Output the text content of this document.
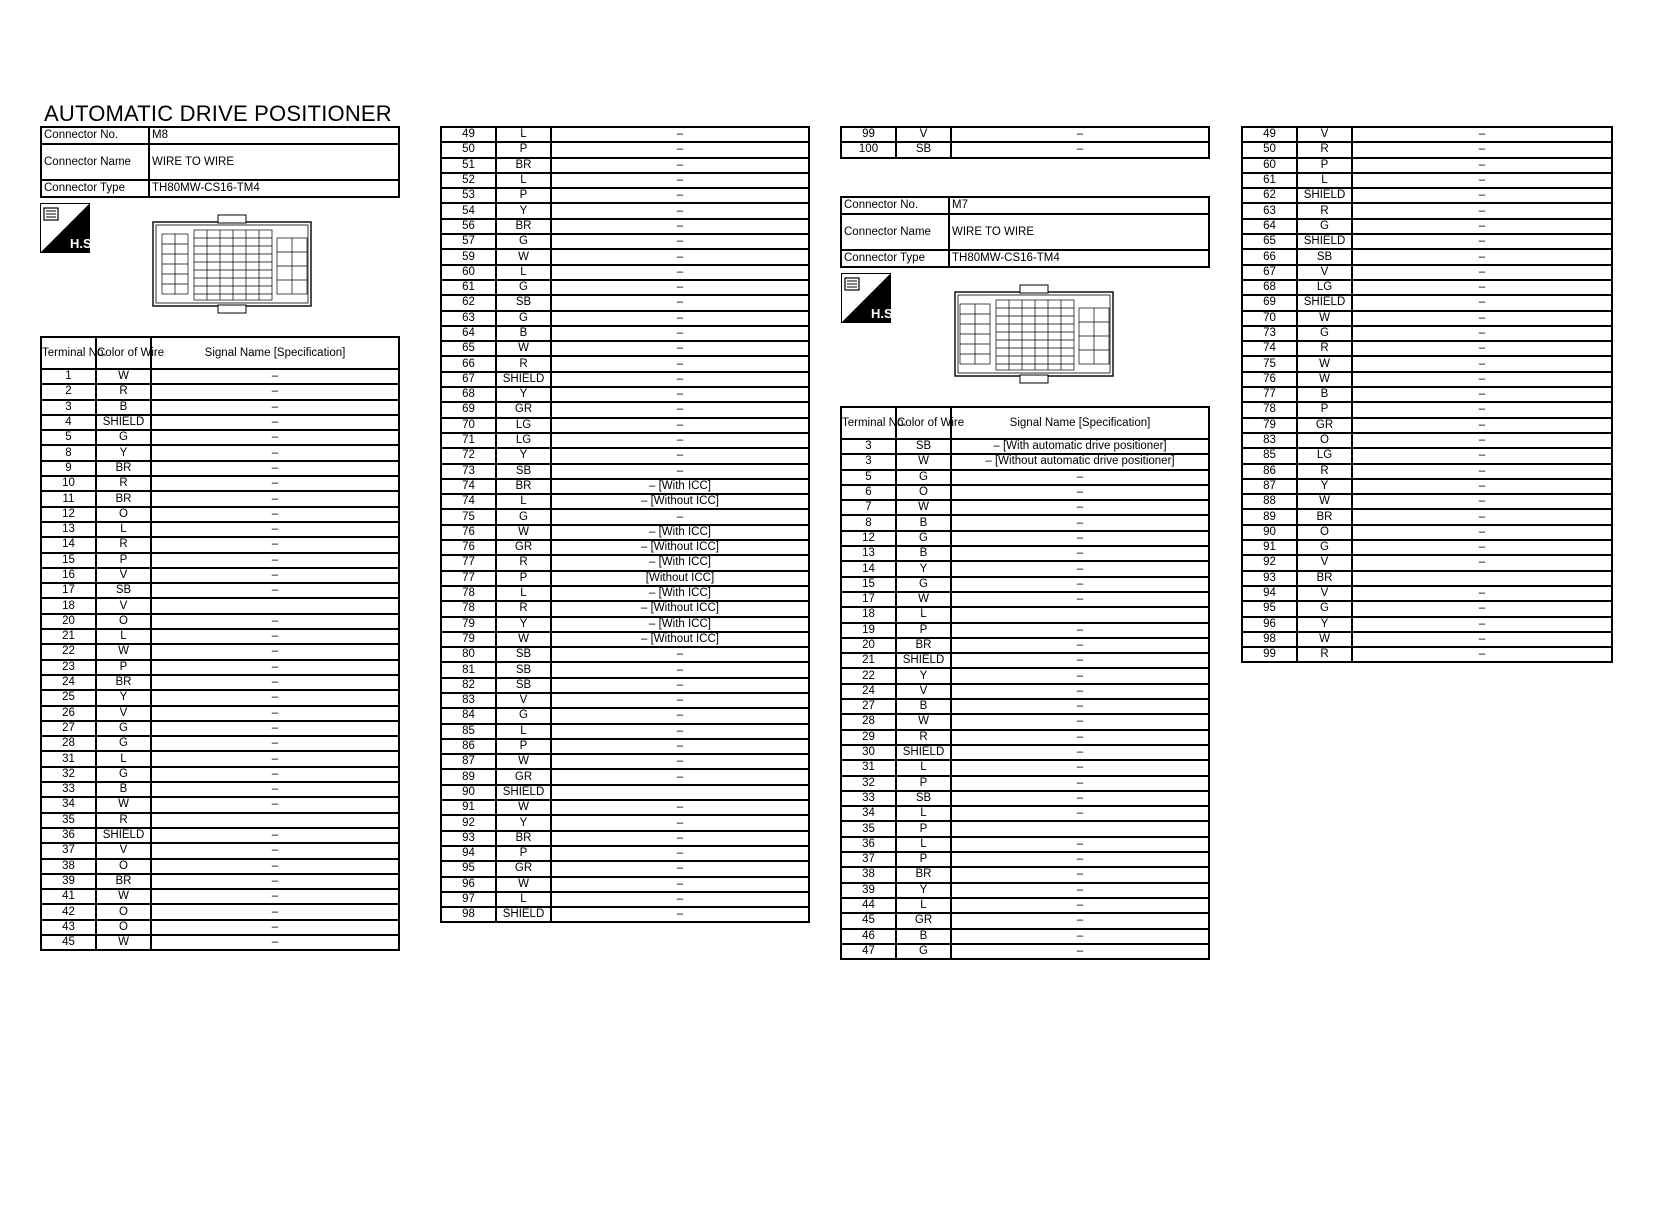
AUTOMATIC DRIVE POSITIONER
Connector No.	M8
Connector Name	WIRE TO WIRE
Connector Type	TH80MW-CS16-TM4
H.S.
Terminal No.	Color of Wire	Signal Name [Specification]
1	W	–
2	R	–
3	B	–
4	SHIELD	–
5	G	–
8	Y	–
9	BR	–
10	R	–
11	BR	–
12	O	–
13	L	–
14	R	–
15	P	–
16	V	–
17	SB	–
18	V	
20	O	–
21	L	–
22	W	–
23	P	–
24	BR	–
25	Y	–
26	V	–
27	G	–
28	G	–
31	L	–
32	G	–
33	B	–
34	W	–
35	R	
36	SHIELD	–
37	V	–
38	O	–
39	BR	–
41	W	–
42	O	–
43	O	–
45	W	–
49	L	–
50	P	–
51	BR	–
52	L	–
53	P	–
54	Y	–
56	BR	–
57	G	–
59	W	–
60	L	–
61	G	–
62	SB	–
63	G	–
64	B	–
65	W	–
66	R	–
67	SHIELD	–
68	Y	–
69	GR	–
70	LG	–
71	LG	–
72	Y	–
73	SB	–
74	BR	– [With ICC]
74	L	– [Without ICC]
75	G	–
76	W	– [With ICC]
76	GR	– [Without ICC]
77	R	– [With ICC]
77	P	[Without ICC]
78	L	– [With ICC]
78	R	– [Without ICC]
79	Y	– [With ICC]
79	W	– [Without ICC]
80	SB	–
81	SB	–
82	SB	–
83	V	–
84	G	–
85	L	–
86	P	–
87	W	–
89	GR	–
90	SHIELD	
91	W	–
92	Y	–
93	BR	–
94	P	–
95	GR	–
96	W	–
97	L	–
98	SHIELD	–
99	V	–
100	SB	–
Connector No.	M7
Connector Name	WIRE TO WIRE
Connector Type	TH80MW-CS16-TM4
H.S.
Terminal No.	Color of Wire	Signal Name [Specification]
3	SB	– [With automatic drive positioner]
3	W	– [Without automatic drive positioner]
5	G	–
6	O	–
7	W	–
8	B	–
12	G	–
13	B	–
14	Y	–
15	G	–
17	W	–
18	L	
19	P	–
20	BR	–
21	SHIELD	–
22	Y	–
24	V	–
27	B	–
28	W	–
29	R	–
30	SHIELD	–
31	L	–
32	P	–
33	SB	–
34	L	–
35	P	
36	L	–
37	P	–
38	BR	–
39	Y	–
44	L	–
45	GR	–
46	B	–
47	G	–
49	V	–
50	R	–
60	P	–
61	L	–
62	SHIELD	–
63	R	–
64	G	–
65	SHIELD	–
66	SB	–
67	V	–
68	LG	–
69	SHIELD	–
70	W	–
73	G	–
74	R	–
75	W	–
76	W	–
77	B	–
78	P	–
79	GR	–
83	O	–
85	LG	–
86	R	–
87	Y	–
88	W	–
89	BR	–
90	O	–
91	G	–
92	V	–
93	BR	
94	V	–
95	G	–
96	Y	–
98	W	–
99	R	–
